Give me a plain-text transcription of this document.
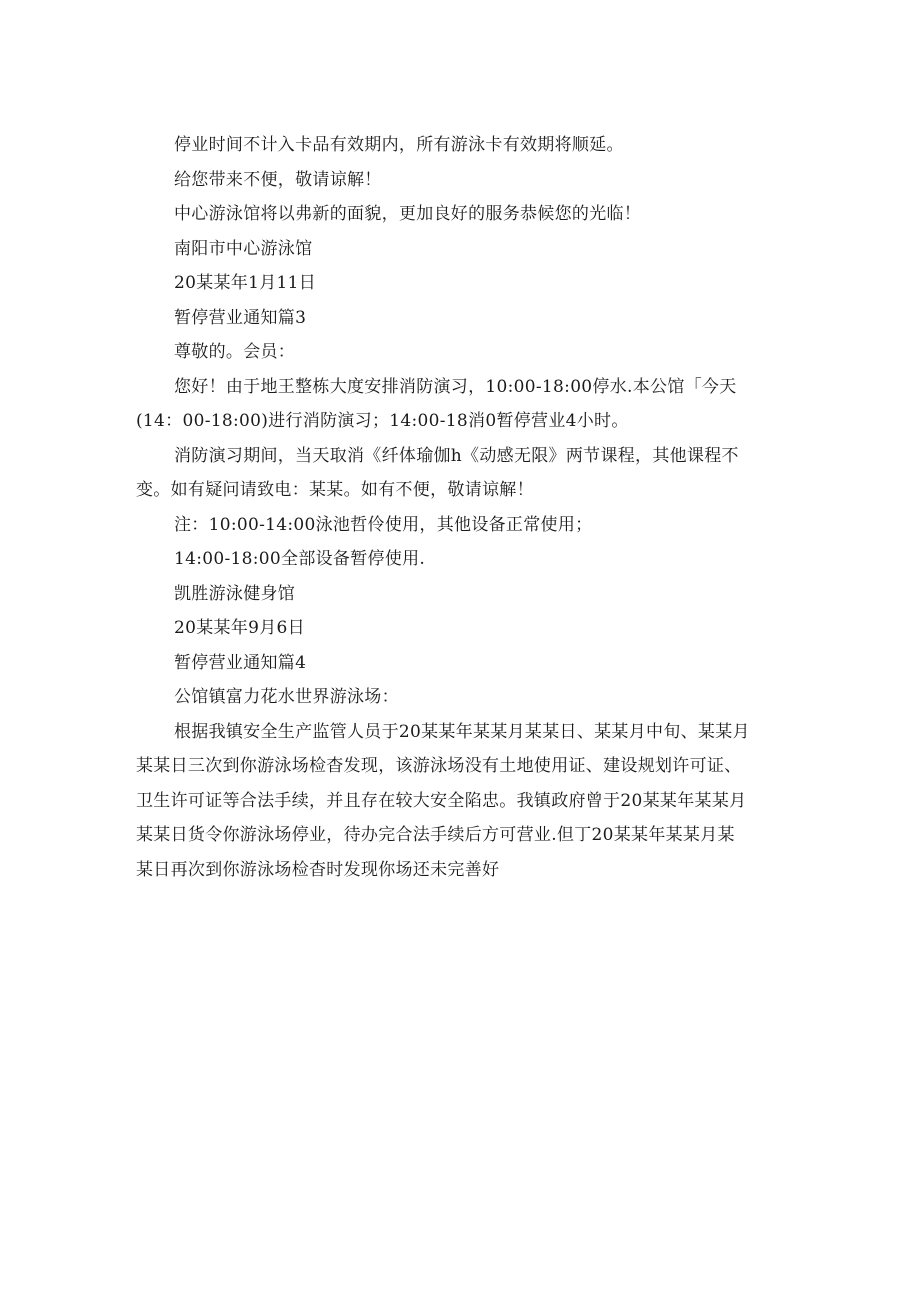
停业时间不计入卡品有效期内，所有游泳卡有效期将顺延。

给您带来不便，敬请谅解！

中心游泳馆将以弗新的面貌，更加良好的服务恭候您的光临！

南阳市中心游泳馆

20某某年1月11日

暂停营业通知篇3

尊敬的。会员：

您好！由于地王整栋大度安排消防演习，10:00-18:00停水.本公馆「今天
(14：00-18:00)进行消防演习；14:00-18消0暂停营业4小时。

消防演习期间，当天取消《纤体瑜伽h《动感无限》两节课程，其他课程不
变。如有疑问请致电：某某。如有不便，敬请谅解！

注：10:00-14:00泳池哲伶使用，其他设备正常使用；

14:00-18:00全部设备暂停使用.

凯胜游泳健身馆

20某某年9月6日

暂停营业通知篇4

公馆镇富力花水世界游泳场：

根据我镇安全生产监管人员于20某某年某某月某某日、某某月中旬、某某月
某某日三次到你游泳场检杳发现，该游泳场没有土地使用证、建设规划许可证、
卫生许可证等合法手续，并且存在较大安全陷忠。我镇政府曾于20某某年某某月
某某日货令你游泳场停业，待办完合法手续后方可营业.但丁20某某年某某月某
某日再次到你游泳场检杳时发现你场还未完善好
